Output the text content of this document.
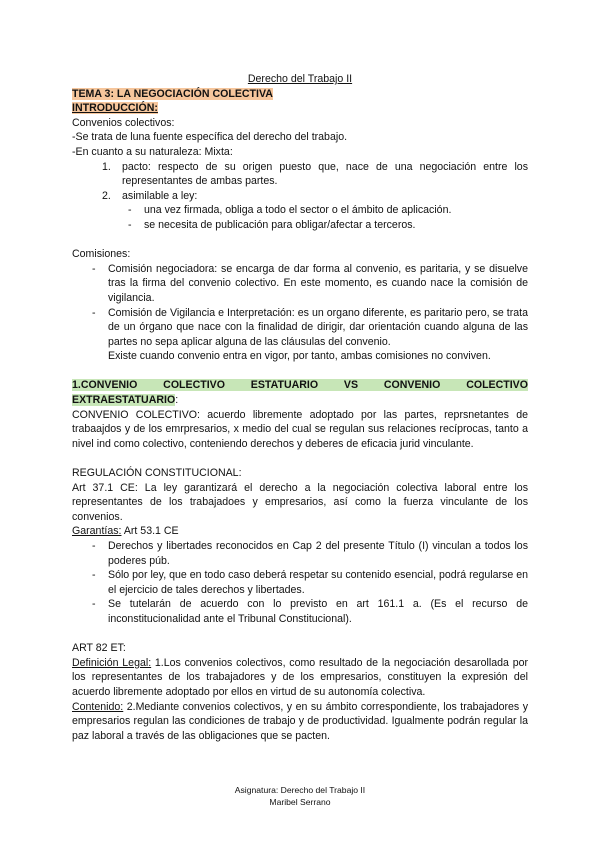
Derecho del Trabajo II

TEMA 3: LA NEGOCIACIÓN COLECTIVA

INTRODUCCIÓN:

Convenios colectivos:

-Se trata de luna fuente específica del derecho del trabajo.

-En cuanto a su naturaleza: Mixta:

1. pacto: respecto de su origen puesto que, nace de una negociación entre los representantes de ambas partes.
2. asimilable a ley:
- una vez firmada, obliga a todo el sector o el ámbito de aplicación.
- se necesita de publicación para obligar/afectar a terceros.

Comisiones:

- Comisión negociadora: se encarga de dar forma al convenio, es paritaria, y se disuelve tras la firma del convenio colectivo. En este momento, es cuando nace la comisión de vigilancia.
- Comisión de Vigilancia e Interpretación: es un organo diferente, es paritario pero, se trata de un órgano que nace con la finalidad de dirigir, dar orientación cuando alguna de las partes no sepa aplicar alguna de las cláusulas del convenio.
Existe cuando convenio entra en vigor, por tanto, ambas comisiones no conviven.

1.CONVENIO COLECTIVO ESTATUARIO VS CONVENIO COLECTIVO

EXTRAESTATUARIO:

CONVENIO COLECTIVO: acuerdo libremente adoptado por las partes, reprsnetantes de trabaajdos y de los emrpresarios, x medio del cual se regulan sus relaciones recíprocas, tanto a nivel ind como colectivo, conteniendo derechos y deberes de eficacia jurid vinculante.

REGULACIÓN CONSTITUCIONAL:

Art 37.1 CE: La ley garantizará el derecho a la negociación colectiva laboral entre los representantes de los trabajadoes y empresarios, así como la fuerza vinculante de los convenios.

Garantías: Art 53.1 CE

- Derechos y libertades reconocidos en Cap 2 del presente Título (I) vinculan a todos los poderes púb.
- Sólo por ley, que en todo caso deberá respetar su contenido esencial, podrá regularse en el ejercicio de tales derechos y libertades.
- Se tutelarán de acuerdo con lo previsto en art 161.1 a. (Es el recurso de inconstitucionalidad ante el Tribunal Constitucional).

ART 82 ET:

Definición Legal: 1.Los convenios colectivos, como resultado de la negociación desarollada por los representantes de los trabajadores y de los empresarios, constituyen la expresión del acuerdo libremente adoptado por ellos en virtud de su autonomía colectiva.

Contenido: 2.Mediante convenios colectivos, y en su ámbito correspondiente, los trabajadores y empresarios regulan las condiciones de trabajo y de productividad. Igualmente podrán regular la paz laboral a través de las obligaciones que se pacten.

Asignatura: Derecho del Trabajo II
Maribel Serrano
